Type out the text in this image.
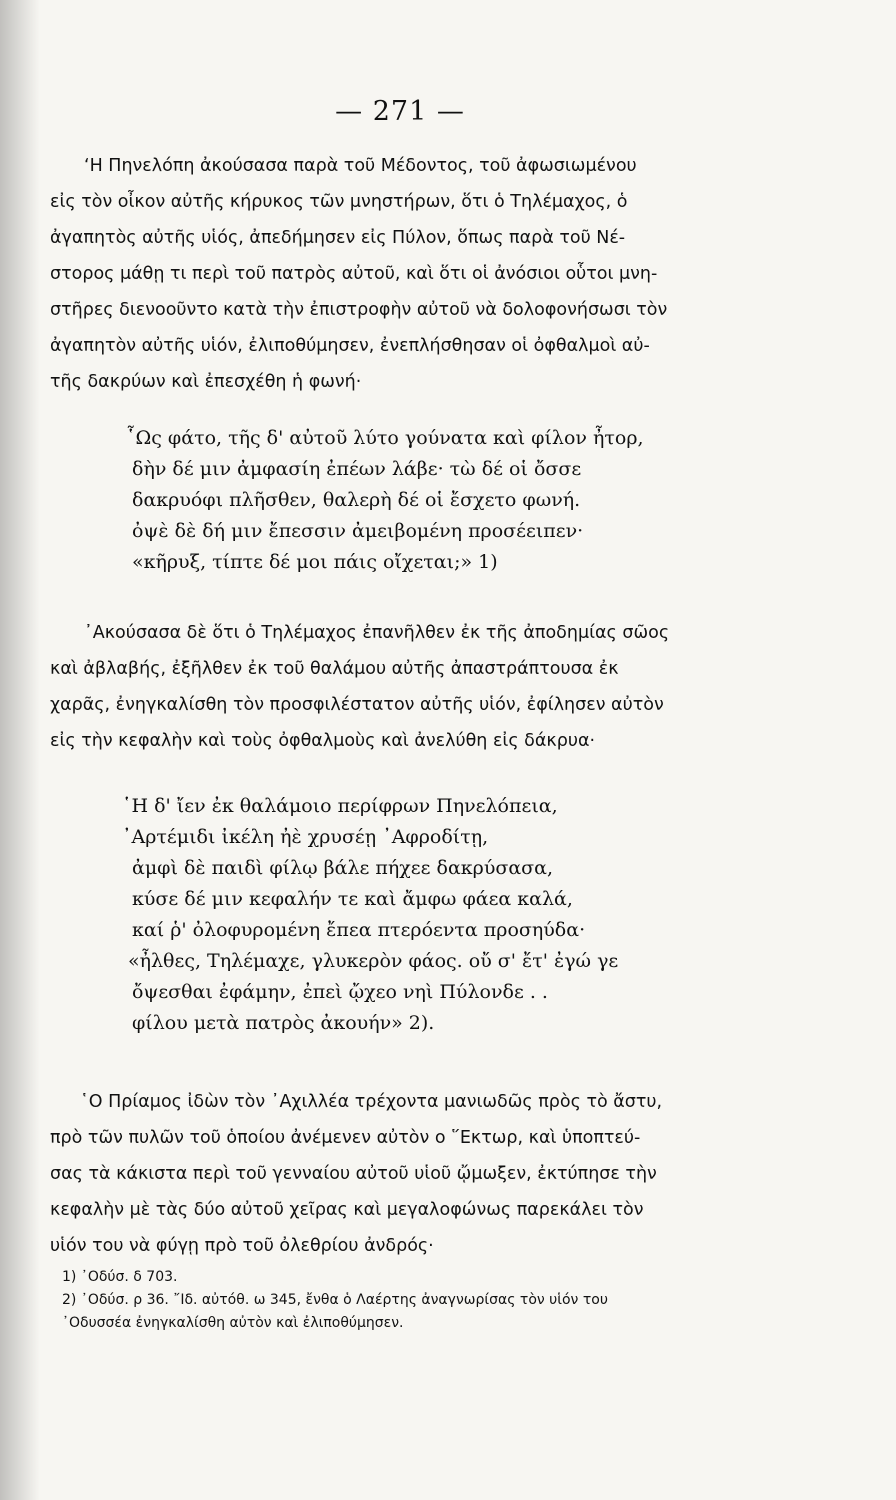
— 271 —
‘Η Πηνελόπη ἀκούσασα παρὰ τοῦ Μέδοντος, τοῦ ἀφωσιωμένου
εἰς τὸν οἶκον αὐτῆς κήρυκος τῶν μνηστήρων, ὅτι ὁ Τηλέμαχος, ὁ
ἀγαπητὸς αὐτῆς υἱός, ἀπεδήμησεν εἰς Πύλον, ὅπως παρὰ τοῦ Νέ-
στορος μάθῃ τι περὶ τοῦ πατρὸς αὐτοῦ, καὶ ὅτι οἱ ἀνόσιοι οὗτοι μνη-
στῆρες διενοοῦντο κατὰ τὴν ἐπιστροφὴν αὐτοῦ νὰ δολοφονήσωσι τὸν
ἀγαπητὸν αὐτῆς υἱόν, ἐλιποθύμησεν, ἐνεπλήσθησαν οἱ ὀφθαλμοὶ αὐ-
τῆς δακρύων καὶ ἐπεσχέθη ἡ φωνή·
῟Ως φάτο, τῆς δ' αὐτοῦ λύτο γούνατα καὶ φίλον ἦτορ,
δὴν δέ μιν ἀμφασίη ἐπέων λάβε· τὼ δέ οἱ ὄσσε
δακρυόφι πλῆσθεν, θαλερὴ δέ οἱ ἔσχετο φωνή.
ὀψὲ δὲ δή μιν ἔπεσσιν ἀμειβομένη προσέειπεν·
«κῆρυξ, τίπτε δέ μοι πάις οἴχεται;» 1)
᾿Ακούσασα δὲ ὅτι ὁ Τηλέμαχος ἐπανῆλθεν ἐκ τῆς ἀποδημίας σῶος
καὶ ἀβλαβής, ἐξῆλθεν ἐκ τοῦ θαλάμου αὐτῆς ἀπαστράπτουσα ἐκ
χαρᾶς, ἐνηγκαλίσθη τὸν προσφιλέστατον αὐτῆς υἱόν, ἐφίλησεν αὐτὸν
εἰς τὴν κεφαλὴν καὶ τοὺς ὀφθαλμοὺς καὶ ἀνελύθη εἰς δάκρυα·
῾Η δ' ἴεν ἐκ θαλάμοιο περίφρων Πηνελόπεια,
᾿Αρτέμιδι ἰκέλη ἠὲ χρυσέῃ ᾿Αφροδίτῃ,
ἀμφὶ δὲ παιδὶ φίλῳ βάλε πήχεε δακρύσασα,
κύσε δέ μιν κεφαλήν τε καὶ ἄμφω φάεα καλά,
καί ῥ' ὀλοφυρομένη ἔπεα πτερόεντα προσηύδα·
«ἦλθες, Τηλέμαχε, γλυκερὸν φάος. οὔ σ' ἔτ' ἐγώ γε
ὄψεσθαι ἐφάμην, ἐπεὶ ᾤχεο νηὶ Πύλονδε . .
φίλου μετὰ πατρὸς ἀκουήν» 2).
῾Ο Πρίαμος ἰδὼν τὸν ᾿Αχιλλέα τρέχοντα μανιωδῶς πρὸς τὸ ἄστυ,
πρὸ τῶν πυλῶν τοῦ ὁποίου ἀνέμενεν αὐτὸν ο ῞Εκτωρ, καὶ ὑποπτεύ-
σας τὰ κάκιστα περὶ τοῦ γενναίου αὐτοῦ υἱοῦ ᾤμωξεν, ἐκτύπησε τὴν
κεφαλὴν μὲ τὰς δύο αὐτοῦ χεῖρας καὶ μεγαλοφώνως παρεκάλει τὸν
υἱόν του νὰ φύγῃ πρὸ τοῦ ὀλεθρίου ἀνδρός·
1) ᾿Οδύσ. δ 703.
2) ᾿Οδύσ. ρ 36. ῎Ιδ. αὐτόθ. ω 345, ἔνθα ὁ Λαέρτης ἀναγνωρίσας τὸν υἱόν του
᾿Οδυσσέα ἐνηγκαλίσθη αὐτὸν καὶ ἐλιποθύμησεν.
